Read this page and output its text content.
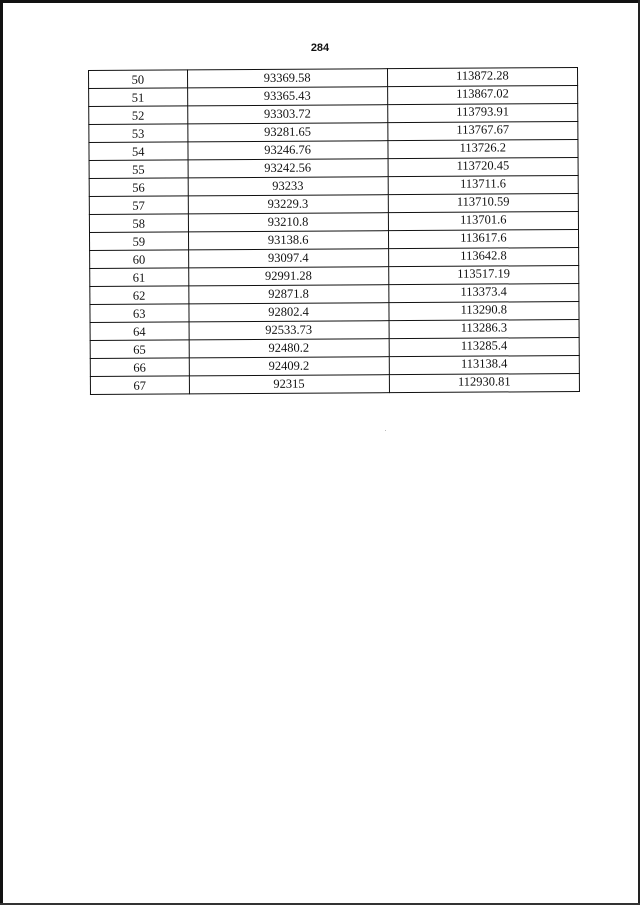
284
50	93369.58	113872.28
51	93365.43	113867.02
52	93303.72	113793.91
53	93281.65	113767.67
54	93246.76	113726.2
55	93242.56	113720.45
56	93233	113711.6
57	93229.3	113710.59
58	93210.8	113701.6
59	93138.6	113617.6
60	93097.4	113642.8
61	92991.28	113517.19
62	92871.8	113373.4
63	92802.4	113290.8
64	92533.73	113286.3
65	92480.2	113285.4
66	92409.2	113138.4
67	92315	112930.81
